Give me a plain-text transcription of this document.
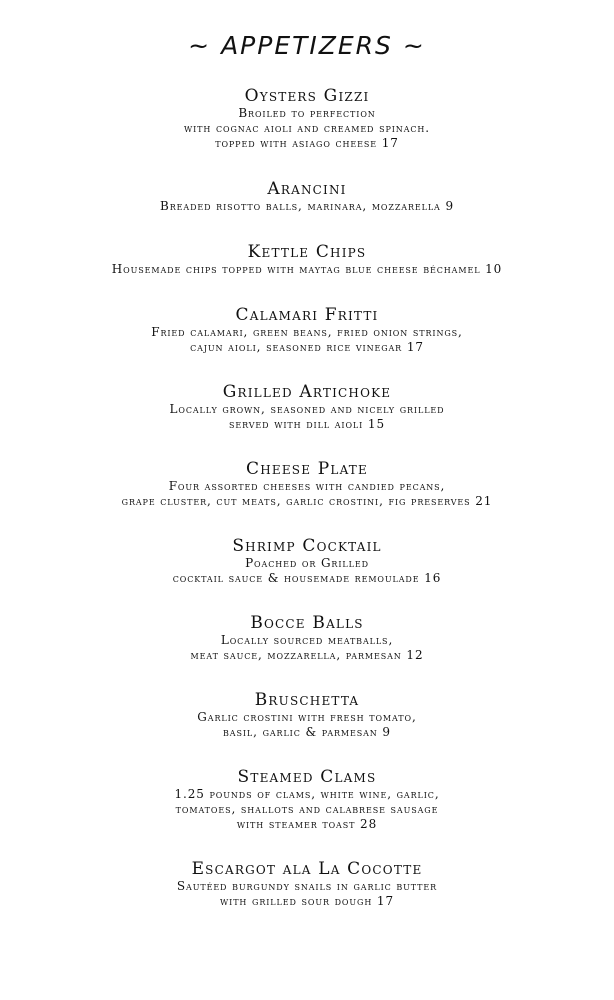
~ APPETIZERS ~
Oysters Gizzi
Broiled to perfection
with cognac aioli and creamed spinach.
topped with asiago cheese 17
Arancini
Breaded risotto balls, marinara, mozzarella 9
Kettle Chips
Housemade chips topped with maytag blue cheese béchamel 10
Calamari Fritti
Fried calamari, green beans, fried onion strings,
cajun aioli, seasoned rice vinegar 17
Grilled Artichoke
Locally grown, seasoned and nicely grilled
served with dill aioli 15
Cheese Plate
Four assorted cheeses with candied pecans,
grape cluster, cut meats, garlic crostini, fig preserves 21
Shrimp Cocktail
Poached or Grilled
cocktail sauce & housemade remoulade 16
Bocce Balls
Locally sourced meatballs,
meat sauce, mozzarella, parmesan 12
Bruschetta
Garlic crostini with fresh tomato,
basil, garlic & parmesan 9
Steamed Clams
1.25 pounds of clams, white wine, garlic,
tomatoes, shallots and calabrese sausage
with steamer toast 28
Escargot ala La Cocotte
Sautéed burgundy snails in garlic butter
with grilled sour dough 17
